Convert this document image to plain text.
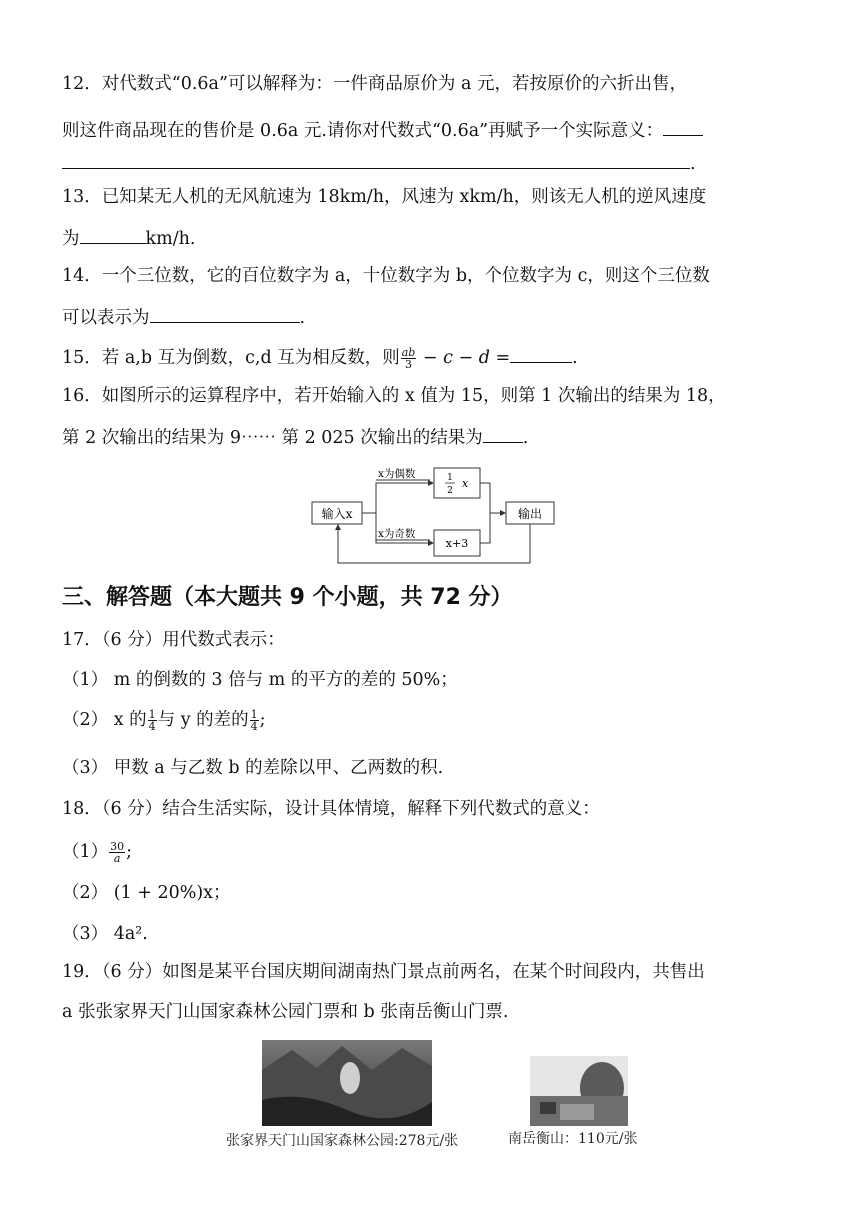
12．对代数式“0.6a”可以解释为：一件商品原价为 a 元，若按原价的六折出售，
则这件商品现在的售价是 0.6a 元.请你对代数式“0.6a”再赋予一个实际意义：
.
13．已知某无人机的无风航速为 18km/h，风速为 xkm/h，则该无人机的逆风速度
为	km/h.
14．一个三位数，它的百位数字为 a，十位数字为 b，个位数字为 c，则这个三位数
可以表示为	.
15．若 a,b 互为倒数，c,d 互为相反数，则 $\frac{ab}{3} - c - d$ =	.
16．如图所示的运算程序中，若开始输入的 x 值为 15，则第 1 次输出的结果为 18，
第 2 次输出的结果为 9⋯⋯ 第 2 025 次输出的结果为 .
输入x
x为偶数
x为奇数
1
2
x
x+3
输出
三、解答题（本大题共 9 个小题，共 72 分）
17．（6 分）用代数式表示：
（1） m 的倒数的 3 倍与 m 的平方的差的 50%；
（2） x 的 $\frac{1}{4}$ 与 y 的差的 $\frac{1}{4}$ ;
（3） 甲数 a 与乙数 b 的差除以甲、乙两数的积.
18．（6 分）结合生活实际，设计具体情境，解释下列代数式的意义：
$(1) \frac{30}{a}$ ;
（2） (1 + 20%)x；
（3） 4a².
19．（6 分）如图是某平台国庆期间湖南热门景点前两名，在某个时间段内，共售出
a 张张家界天门山国家森林公园门票和 b 张南岳衡山门票.
张家界天门山国家森林公园:278元/张	南岳衡山：110元/张
